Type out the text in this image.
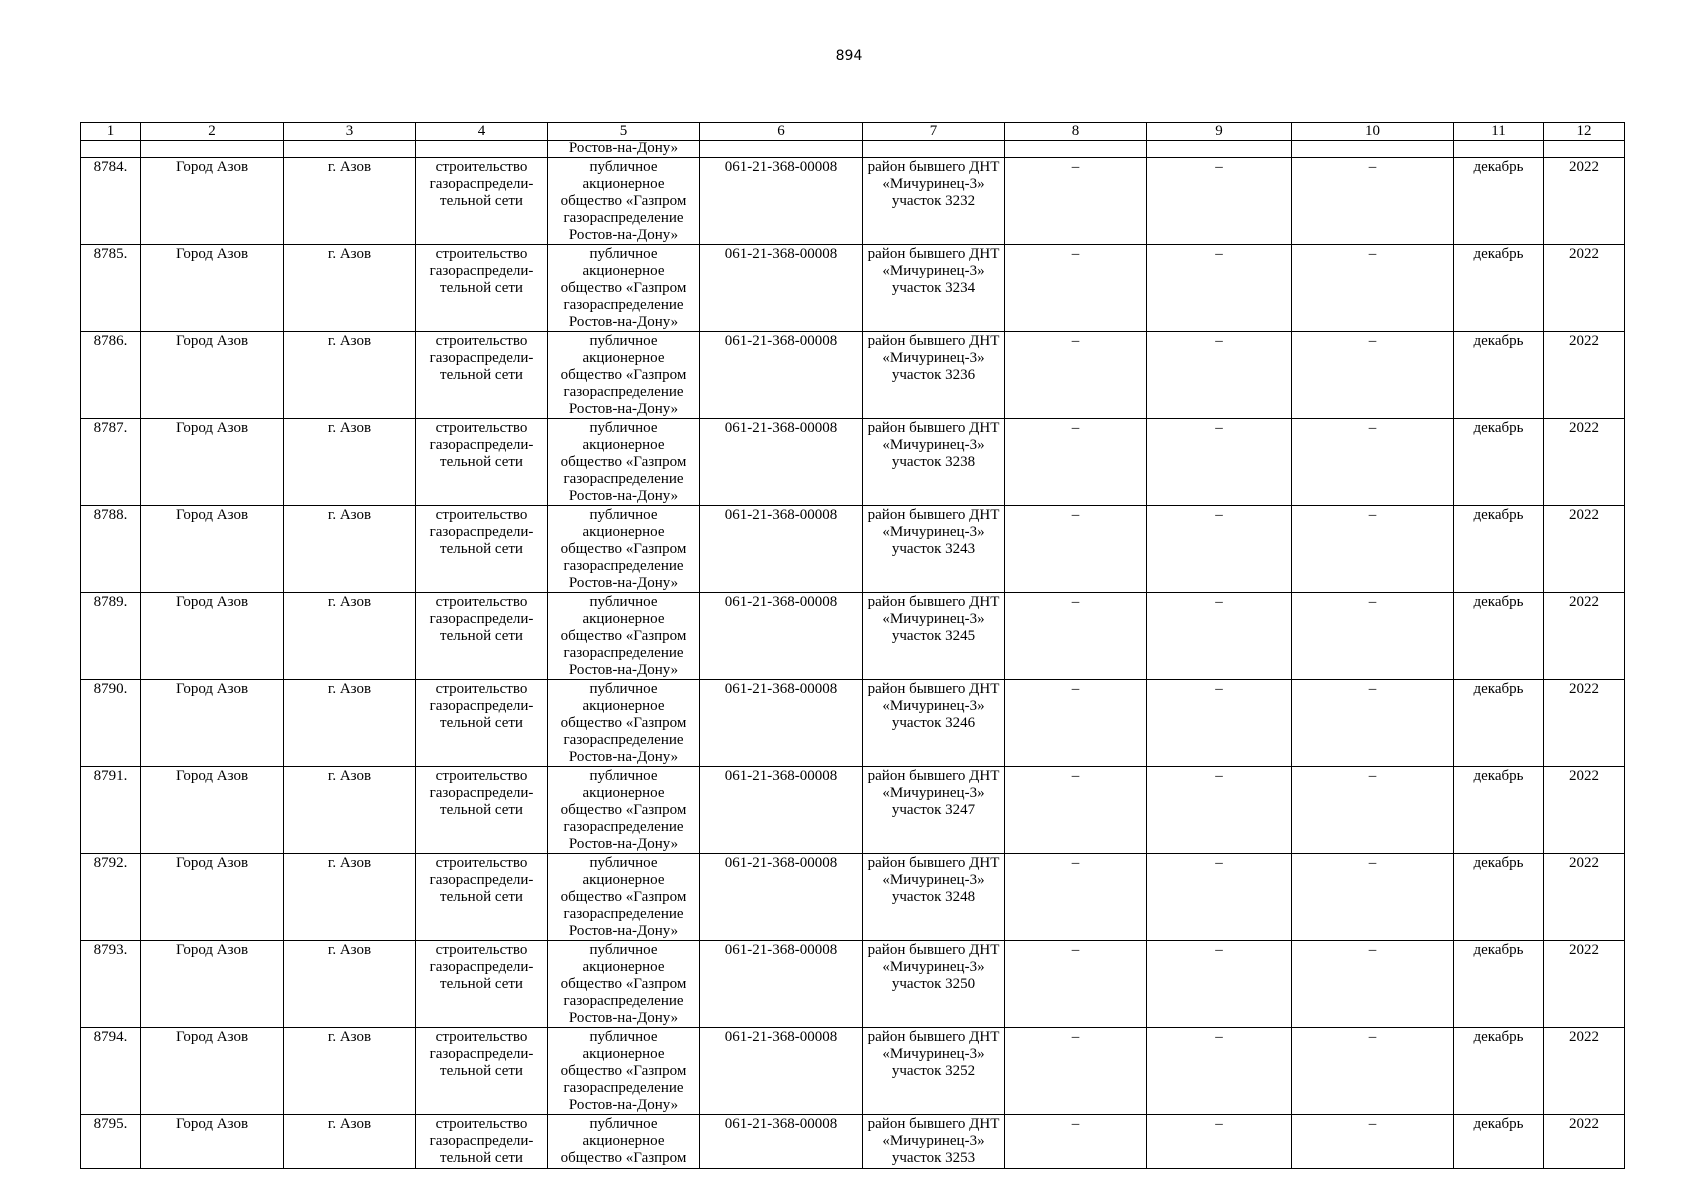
894
1	2	3	4	5	6	7	8	9	10	11	12
				Ростов-на-Дону»							
8784.	Город Азов	г. Азов	строительство газораспредели-тельной сети	публичное акционерное общество «Газпром газораспределение Ростов-на-Дону»	061-21-368-00008	район бывшего ДНТ «Мичуринец-3» участок 3232	–	–	–	декабрь	2022
8785.	Город Азов	г. Азов	строительство газораспредели-тельной сети	публичное акционерное общество «Газпром газораспределение Ростов-на-Дону»	061-21-368-00008	район бывшего ДНТ «Мичуринец-3» участок 3234	–	–	–	декабрь	2022
8786.	Город Азов	г. Азов	строительство газораспредели-тельной сети	публичное акционерное общество «Газпром газораспределение Ростов-на-Дону»	061-21-368-00008	район бывшего ДНТ «Мичуринец-3» участок 3236	–	–	–	декабрь	2022
8787.	Город Азов	г. Азов	строительство газораспредели-тельной сети	публичное акционерное общество «Газпром газораспределение Ростов-на-Дону»	061-21-368-00008	район бывшего ДНТ «Мичуринец-3» участок 3238	–	–	–	декабрь	2022
8788.	Город Азов	г. Азов	строительство газораспредели-тельной сети	публичное акционерное общество «Газпром газораспределение Ростов-на-Дону»	061-21-368-00008	район бывшего ДНТ «Мичуринец-3» участок 3243	–	–	–	декабрь	2022
8789.	Город Азов	г. Азов	строительство газораспредели-тельной сети	публичное акционерное общество «Газпром газораспределение Ростов-на-Дону»	061-21-368-00008	район бывшего ДНТ «Мичуринец-3» участок 3245	–	–	–	декабрь	2022
8790.	Город Азов	г. Азов	строительство газораспредели-тельной сети	публичное акционерное общество «Газпром газораспределение Ростов-на-Дону»	061-21-368-00008	район бывшего ДНТ «Мичуринец-3» участок 3246	–	–	–	декабрь	2022
8791.	Город Азов	г. Азов	строительство газораспредели-тельной сети	публичное акционерное общество «Газпром газораспределение Ростов-на-Дону»	061-21-368-00008	район бывшего ДНТ «Мичуринец-3» участок 3247	–	–	–	декабрь	2022
8792.	Город Азов	г. Азов	строительство газораспредели-тельной сети	публичное акционерное общество «Газпром газораспределение Ростов-на-Дону»	061-21-368-00008	район бывшего ДНТ «Мичуринец-3» участок 3248	–	–	–	декабрь	2022
8793.	Город Азов	г. Азов	строительство газораспредели-тельной сети	публичное акционерное общество «Газпром газораспределение Ростов-на-Дону»	061-21-368-00008	район бывшего ДНТ «Мичуринец-3» участок 3250	–	–	–	декабрь	2022
8794.	Город Азов	г. Азов	строительство газораспредели-тельной сети	публичное акционерное общество «Газпром газораспределение Ростов-на-Дону»	061-21-368-00008	район бывшего ДНТ «Мичуринец-3» участок 3252	–	–	–	декабрь	2022
8795.	Город Азов	г. Азов	строительство газораспредели-тельной сети	публичное акционерное общество «Газпром	061-21-368-00008	район бывшего ДНТ «Мичуринец-3» участок 3253	–	–	–	декабрь	2022
